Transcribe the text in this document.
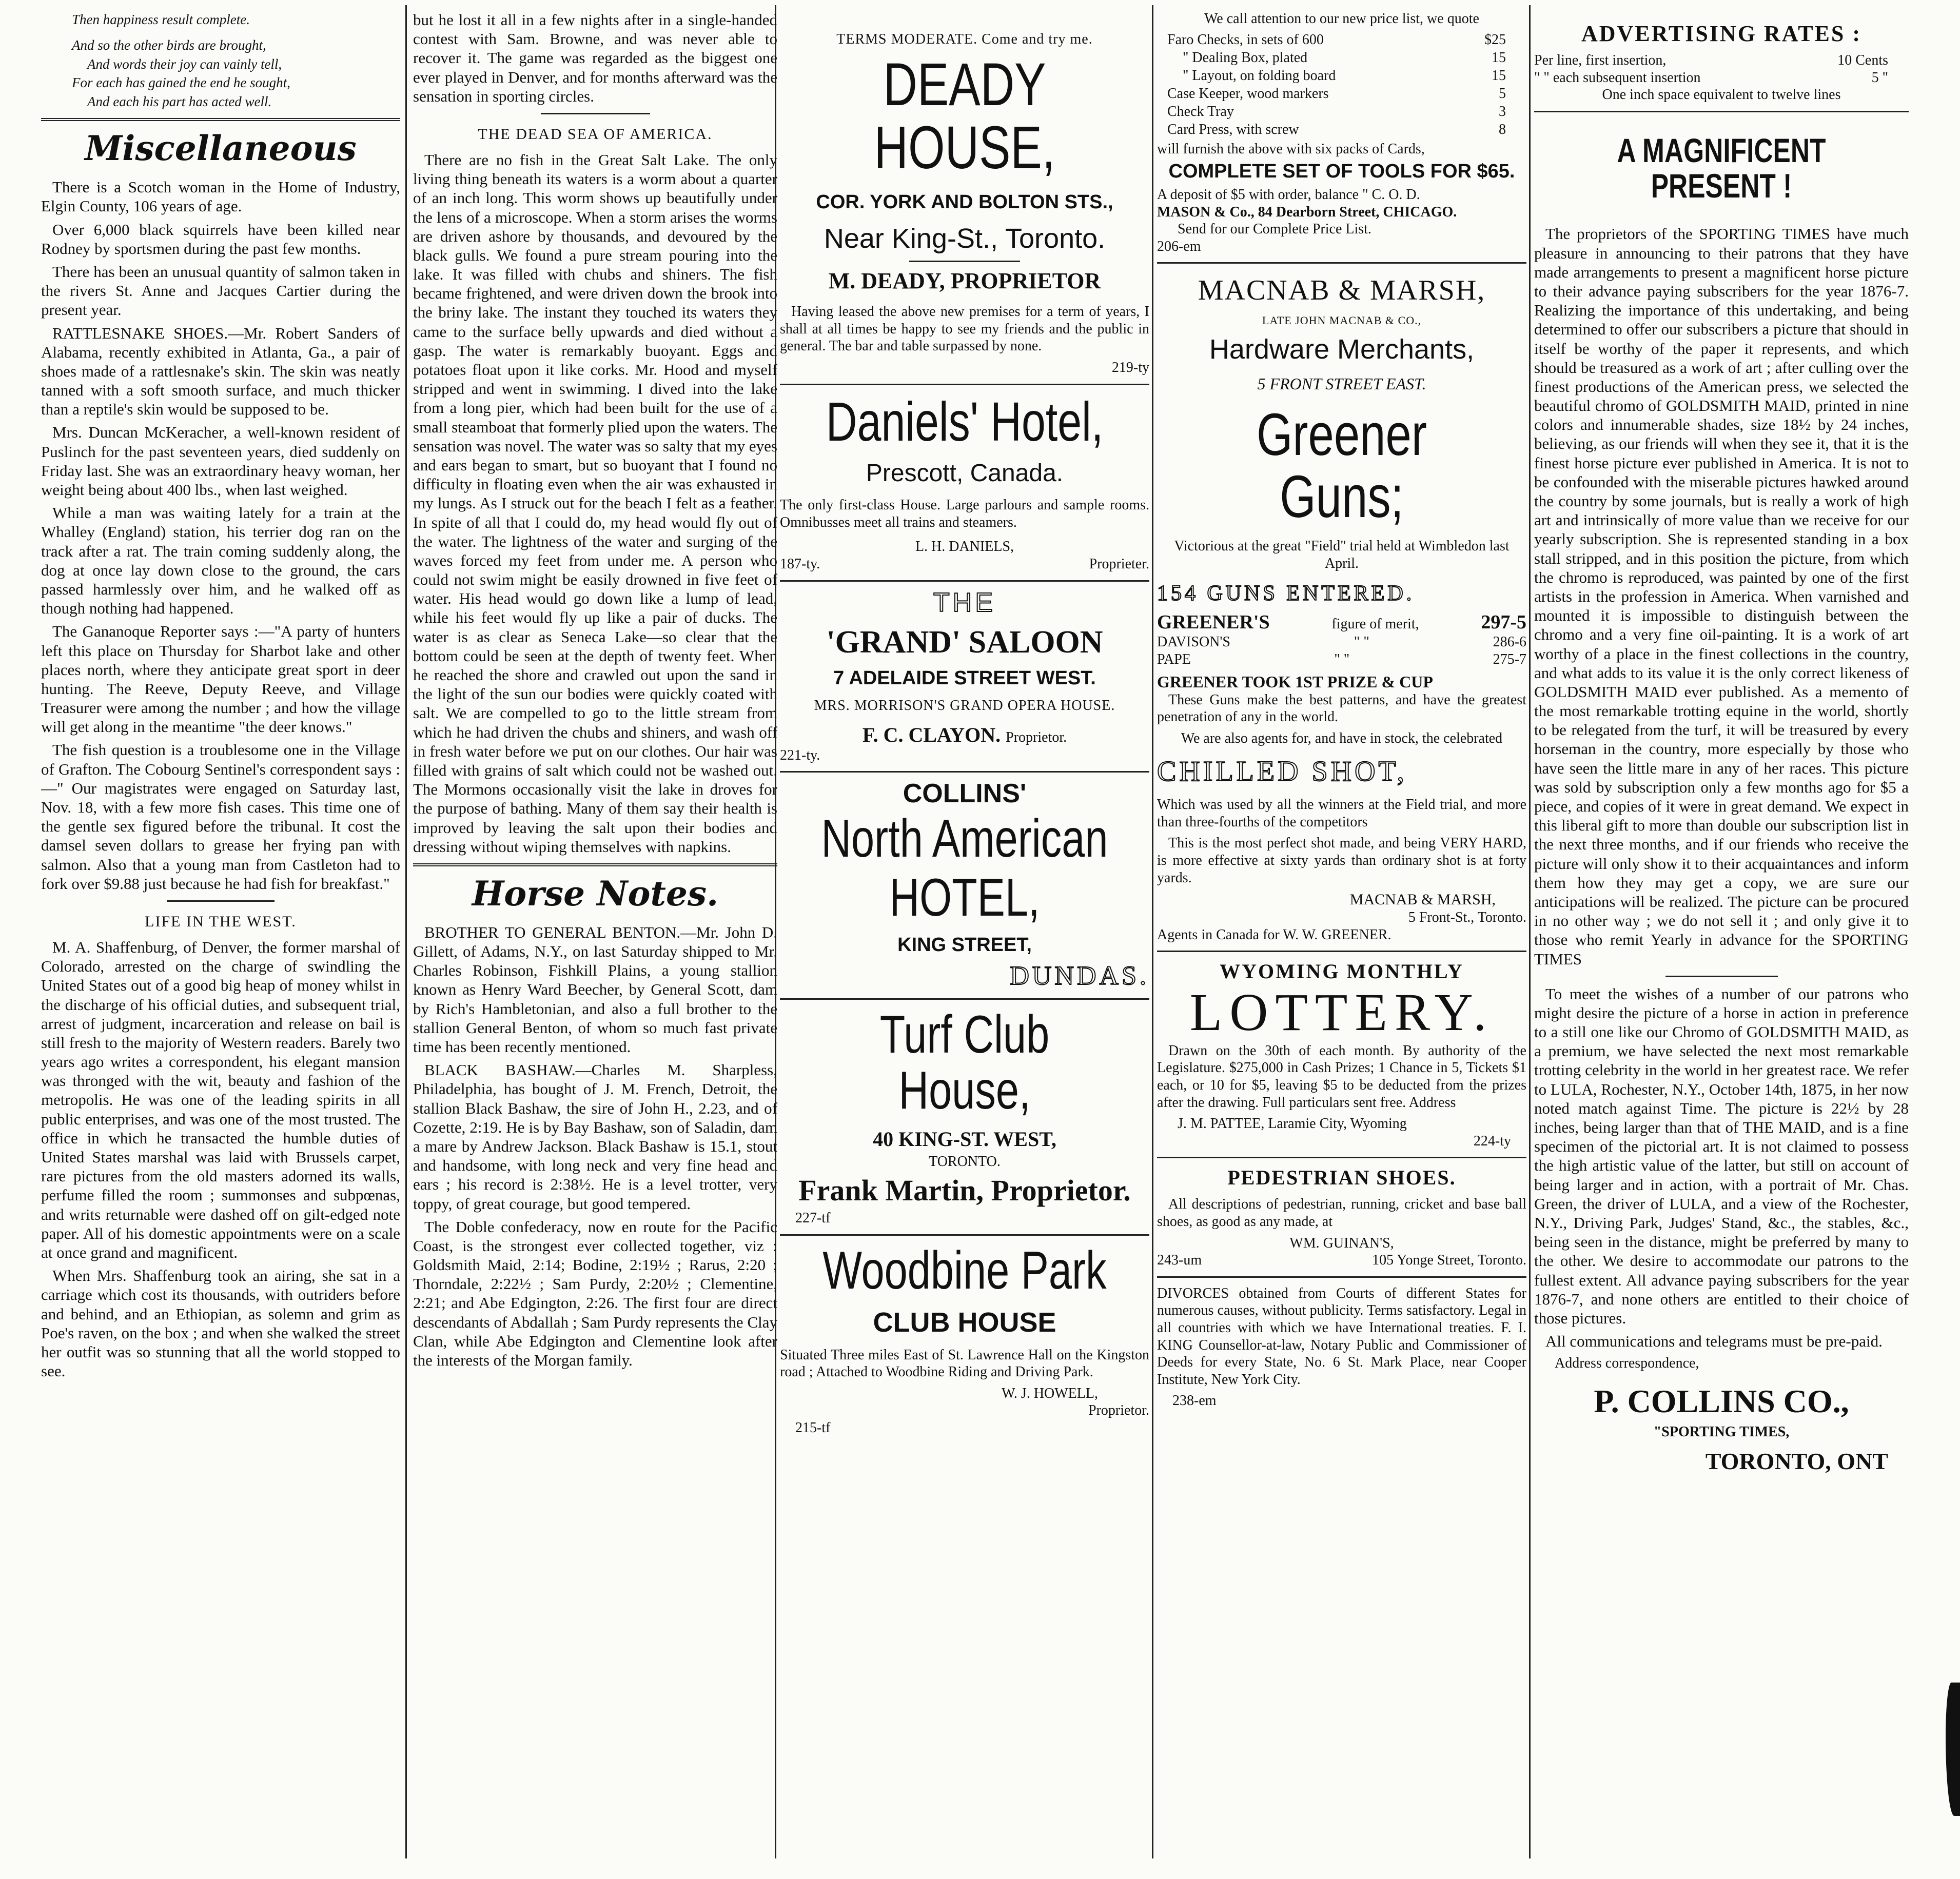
Then happiness result complete.
And so the other birds are brought,
And words their joy can vainly tell,
For each has gained the end he sought,
And each his part has acted well.
Miscellaneous

There is a Scotch woman in the Home of Industry, Elgin County, 106 years of age.

Over 6,000 black squirrels have been killed near Rodney by sportsmen during the past few months.

There has been an unusual quantity of salmon taken in the rivers St. Anne and Jacques Cartier during the present year.

RATTLESNAKE SHOES.—Mr. Robert Sanders of Alabama, recently exhibited in Atlanta, Ga., a pair of shoes made of a rattlesnake's skin. The skin was neatly tanned with a soft smooth surface, and much thicker than a reptile's skin would be supposed to be.

Mrs. Duncan McKeracher, a well-known resident of Puslinch for the past seventeen years, died suddenly on Friday last. She was an extraordinary heavy woman, her weight being about 400 lbs., when last weighed.

While a man was waiting lately for a train at the Whalley (England) station, his terrier dog ran on the track after a rat. The train coming suddenly along, the dog at once lay down close to the ground, the cars passed harmlessly over him, and he walked off as though nothing had happened.

The Gananoque Reporter says :—"A party of hunters left this place on Thursday for Sharbot lake and other places north, where they anticipate great sport in deer hunting. The Reeve, Deputy Reeve, and Village Treasurer were among the number ; and how the village will get along in the meantime "the deer knows."

The fish question is a troublesome one in the Village of Grafton. The Cobourg Sentinel's correspondent says :—" Our magistrates were engaged on Saturday last, Nov. 18, with a few more fish cases. This time one of the gentle sex figured before the tribunal. It cost the damsel seven dollars to grease her frying pan with salmon. Also that a young man from Castleton had to fork over $9.88 just because he had fish for breakfast."

LIFE IN THE WEST.

M. A. Shaffenburg, of Denver, the former marshal of Colorado, arrested on the charge of swindling the United States out of a good big heap of money whilst in the discharge of his official duties, and subsequent trial, arrest of judgment, incarceration and release on bail is still fresh to the majority of Western readers. Barely two years ago writes a correspondent, his elegant mansion was thronged with the wit, beauty and fashion of the metropolis. He was one of the leading spirits in all public enterprises, and was one of the most trusted. The office in which he transacted the humble duties of United States marshal was laid with Brussels carpet, rare pictures from the old masters adorned its walls, perfume filled the room ; summonses and subpœnas, and writs returnable were dashed off on gilt-edged note paper. All of his domestic appointments were on a scale at once grand and magnificent.

When Mrs. Shaffenburg took an airing, she sat in a carriage which cost its thousands, with outriders before and behind, and an Ethiopian, as solemn and grim as Poe's raven, on the box ; and when she walked the street her outfit was so stunning that all the world stopped to see.

but he lost it all in a few nights after in a single-handed contest with Sam. Browne, and was never able to recover it. The game was regarded as the biggest one ever played in Denver, and for months afterward was the sensation in sporting circles.

THE DEAD SEA OF AMERICA.

There are no fish in the Great Salt Lake. The only living thing beneath its waters is a worm about a quarter of an inch long. This worm shows up beautifully under the lens of a microscope. When a storm arises the worms are driven ashore by thousands, and devoured by the black gulls. We found a pure stream pouring into the lake. It was filled with chubs and shiners. The fish became frightened, and were driven down the brook into the briny lake. The instant they touched its waters they came to the surface belly upwards and died without a gasp. The water is remarkably buoyant. Eggs and potatoes float upon it like corks. Mr. Hood and myself stripped and went in swimming. I dived into the lake from a long pier, which had been built for the use of a small steamboat that formerly plied upon the waters. The sensation was novel. The water was so salty that my eyes and ears began to smart, but so buoyant that I found no difficulty in floating even when the air was exhausted in my lungs. As I struck out for the beach I felt as a feather. In spite of all that I could do, my head would fly out of the water. The lightness of the water and surging of the waves forced my feet from under me. A person who could not swim might be easily drowned in five feet of water. His head would go down like a lump of lead, while his feet would fly up like a pair of ducks. The water is as clear as Seneca Lake—so clear that the bottom could be seen at the depth of twenty feet. When he reached the shore and crawled out upon the sand in the light of the sun our bodies were quickly coated with salt. We are compelled to go to the little stream from which he had driven the chubs and shiners, and wash off in fresh water before we put on our clothes. Our hair was filled with grains of salt which could not be washed out. The Mormons occasionally visit the lake in droves for the purpose of bathing. Many of them say their health is improved by leaving the salt upon their bodies and dressing without wiping themselves with napkins.

Horse Notes.

BROTHER TO GENERAL BENTON.—Mr. John D. Gillett, of Adams, N.Y., on last Saturday shipped to Mr. Charles Robinson, Fishkill Plains, a young stallion known as Henry Ward Beecher, by General Scott, dam by Rich's Hambletonian, and also a full brother to the stallion General Benton, of whom so much fast private time has been recently mentioned.

BLACK BASHAW.—Charles M. Sharpless, Philadelphia, has bought of J. M. French, Detroit, the stallion Black Bashaw, the sire of John H., 2.23, and of Cozette, 2:19. He is by Bay Bashaw, son of Saladin, dam a mare by Andrew Jackson. Black Bashaw is 15.1, stout and handsome, with long neck and very fine head and ears ; his record is 2:38½. He is a level trotter, very toppy, of great courage, but good tempered.

The Doble confederacy, now en route for the Pacific Coast, is the strongest ever collected together, viz : Goldsmith Maid, 2:14; Bodine, 2:19½ ; Rarus, 2:20 ; Thorndale, 2:22½ ; Sam Purdy, 2:20½ ; Clementine, 2:21; and Abe Edgington, 2:26. The first four are direct descendants of Abdallah ; Sam Purdy represents the Clay Clan, while Abe Edgington and Clementine look after the interests of the Morgan family.

TERMS MODERATE. Come and try me.
DEADY HOUSE,
COR. YORK AND BOLTON STS.,
Near King-St., Toronto.
M. DEADY, PROPRIETOR

Having leased the above new premises for a term of years, I shall at all times be happy to see my friends and the public in general. The bar and table surpassed by none.

219-ty
Daniels' Hotel,
Prescott, Canada.

The only first-class House. Large parlours and sample rooms. Omnibusses meet all trains and steamers.

L. H. DANIELS,
187-ty.	Proprieter.
THE
'GRAND' SALOON
7 ADELAIDE STREET WEST.
MRS. MORRISON'S GRAND OPERA HOUSE.
F. C. CLAYON. Proprietor.
221-ty.
COLLINS'
North American
HOTEL,
KING STREET,
DUNDAS.
Turf Club House,
40 KING-ST. WEST,
TORONTO.
Frank Martin, Proprietor.
227-tf
Woodbine Park
CLUB HOUSE

Situated Three miles East of St. Lawrence Hall on the Kingston road ; Attached to Woodbine Riding and Driving Park.

W. J. HOWELL,
Proprietor.
215-tf
We call attention to our new price list, we quote
Faro Checks, in sets of 600	$25
" Dealing Box, plated	15
" Layout, on folding board	15
Case Keeper, wood markers	5
Check Tray	3
Card Press, with screw	8
will furnish the above with six packs of Cards,
COMPLETE SET OF TOOLS FOR $65.
A deposit of $5 with order, balance " C. O. D.
MASON & Co., 84 Dearborn Street, CHICAGO.
Send for our Complete Price List.
206-em
MACNAB & MARSH,
LATE JOHN MACNAB & CO.,
Hardware Merchants,
5 FRONT STREET EAST.
Greener Guns;
Victorious at the great "Field" trial held at Wimbledon last April.
154 GUNS ENTERED.
GREENER'S	figure of merit,	297-5
DAVISON'S	" "	286-6
PAPE	" "	275-7
GREENER TOOK 1ST PRIZE & CUP

These Guns make the best patterns, and have the greatest penetration of any in the world.

We are also agents for, and have in stock, the celebrated
CHILLED SHOT,

Which was used by all the winners at the Field trial, and more than three-fourths of the competitors

This is the most perfect shot made, and being VERY HARD, is more effective at sixty yards than ordinary shot is at forty yards.

MACNAB & MARSH,
5 Front-St., Toronto.
Agents in Canada for W. W. GREENER.
WYOMING MONTHLY
LOTTERY.

Drawn on the 30th of each month. By authority of the Legislature. $275,000 in Cash Prizes; 1 Chance in 5, Tickets $1 each, or 10 for $5, leaving $5 to be deducted from the prizes after the drawing. Full particulars sent free. Address

J. M. PATTEE, Laramie City, Wyoming
224-ty
PEDESTRIAN SHOES.

All descriptions of pedestrian, running, cricket and base ball shoes, as good as any made, at

WM. GUINAN'S,
243-um	105 Yonge Street, Toronto.

DIVORCES obtained from Courts of different States for numerous causes, without publicity. Terms satisfactory. Legal in all countries with which we have International treaties. F. I. KING Counsellor-at-law, Notary Public and Commissioner of Deeds for every State, No. 6 St. Mark Place, near Cooper Institute, New York City.

238-em
ADVERTISING RATES :
Per line, first insertion,	10 Cents
" " each subsequent insertion	5 "
One inch space equivalent to twelve lines
A MAGNIFICENT PRESENT !

The proprietors of the SPORTING TIMES have much pleasure in announcing to their patrons that they have made arrangements to present a magnificent horse picture to their advance paying subscribers for the year 1876-7. Realizing the importance of this undertaking, and being determined to offer our subscribers a picture that should in itself be worthy of the paper it represents, and which should be treasured as a work of art ; after culling over the finest productions of the American press, we selected the beautiful chromo of GOLDSMITH MAID, printed in nine colors and innumerable shades, size 18½ by 24 inches, believing, as our friends will when they see it, that it is the finest horse picture ever published in America. It is not to be confounded with the miserable pictures hawked around the country by some journals, but is really a work of high art and intrinsically of more value than we receive for our yearly subscription. She is represented standing in a box stall stripped, and in this position the picture, from which the chromo is reproduced, was painted by one of the first artists in the profession in America. When varnished and mounted it is impossible to distinguish between the chromo and a very fine oil-painting. It is a work of art worthy of a place in the finest collections in the country, and what adds to its value it is the only correct likeness of GOLDSMITH MAID ever published. As a memento of the most remarkable trotting equine in the world, shortly to be relegated from the turf, it will be treasured by every horseman in the country, more especially by those who have seen the little mare in any of her races. This picture was sold by subscription only a few months ago for $5 a piece, and copies of it were in great demand. We expect in this liberal gift to more than double our subscription list in the next three months, and if our friends who receive the picture will only show it to their acquaintances and inform them how they may get a copy, we are sure our anticipations will be realized. The picture can be procured in no other way ; we do not sell it ; and only give it to those who remit Yearly in advance for the SPORTING TIMES

To meet the wishes of a number of our patrons who might desire the picture of a horse in action in preference to a still one like our Chromo of GOLDSMITH MAID, as a premium, we have selected the next most remarkable trotting celebrity in the world in her greatest race. We refer to LULA, Rochester, N.Y., October 14th, 1875, in her now noted match against Time. The picture is 22½ by 28 inches, being larger than that of THE MAID, and is a fine specimen of the pictorial art. It is not claimed to possess the high artistic value of the latter, but still on account of being larger and in action, with a portrait of Mr. Chas. Green, the driver of LULA, and a view of the Rochester, N.Y., Driving Park, Judges' Stand, &c., the stables, &c., being seen in the distance, might be preferred by many to the other. We desire to accommodate our patrons to the fullest extent. All advance paying subscribers for the year 1876-7, and none others are entitled to their choice of those pictures.

All communications and telegrams must be pre-paid.

Address correspondence,
P. COLLINS CO.,
"SPORTING TIMES,
TORONTO, ONT
